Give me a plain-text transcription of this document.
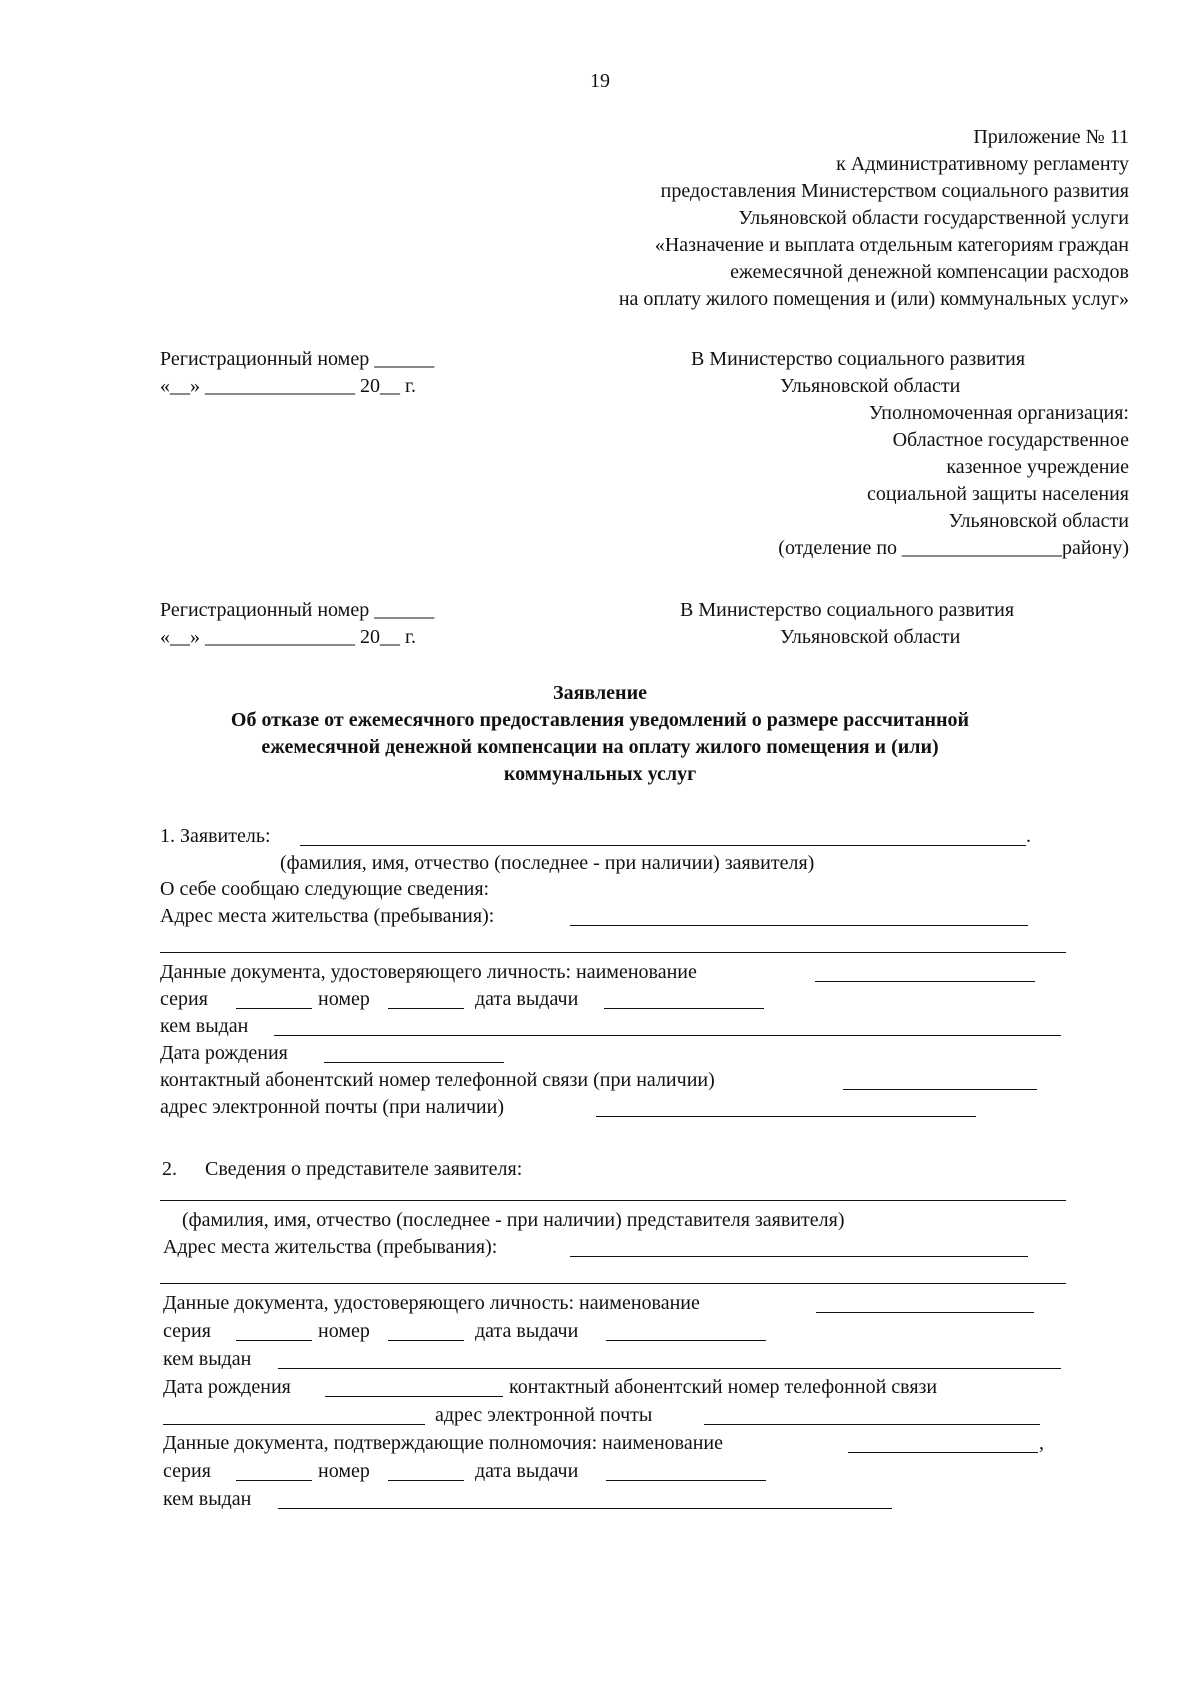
19
Приложение № 11
к Административному регламенту
предоставления Министерством социального развития
Ульяновской области государственной услуги
«Назначение и выплата отдельным категориям граждан
ежемесячной денежной компенсации расходов
на оплату жилого помещения и (или) коммунальных услуг»
Регистрационный номер ______
«__» _______________ 20__ г.
В Министерство социального развития
Ульяновской области
Уполномоченная организация:
Областное государственное
казенное учреждение
социальной защиты населения
Ульяновской области
(отделение по ________________району)
Регистрационный номер ______
«__» _______________ 20__ г.
В Министерство социального развития
Ульяновской области
Заявление
Об отказе от ежемесячного предоставления уведомлений о размере рассчитанной
ежемесячной денежной компенсации на оплату жилого помещения и (или)
коммунальных услуг
1. Заявитель:	.
(фамилия, имя, отчество (последнее - при наличии) заявителя)
О себе сообщаю следующие сведения:
Адрес места жительства (пребывания):
Данные документа, удостоверяющего личность: наименование
серия	номер	дата выдачи
кем выдан
Дата рождения
контактный абонентский номер телефонной связи (при наличии)
адрес электронной почты (при наличии)
2. Сведения о представителе заявителя:
(фамилия, имя, отчество (последнее - при наличии) представителя заявителя)
Адрес места жительства (пребывания):
Данные документа, удостоверяющего личность: наименование
серия	номер	дата выдачи
кем выдан
Дата рождения	контактный абонентский номер телефонной связи
адрес электронной почты
Данные документа, подтверждающие полномочия: наименование	,
серия	номер	дата выдачи
кем выдан
